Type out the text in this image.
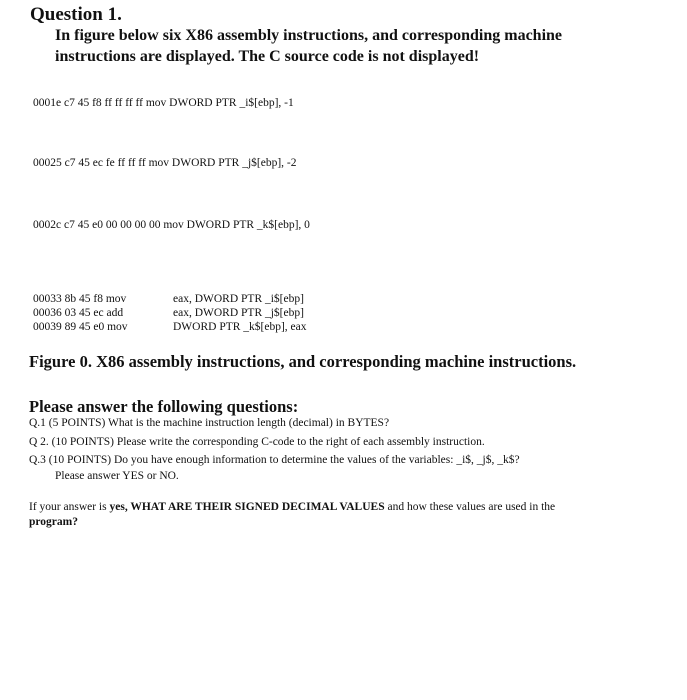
Question 1.
In figure below six X86 assembly instructions, and corresponding machine
instructions are displayed. The C source code is not displayed!
0001e c7 45 f8 ff ff ff ff mov DWORD PTR _i$[ebp], -1
00025 c7 45 ec fe ff ff ff mov DWORD PTR _j$[ebp], -2
0002c c7 45 e0 00 00 00 00 mov DWORD PTR _k$[ebp], 0
00033 8b 45 f8 mov	eax, DWORD PTR _i$[ebp]
00036 03 45 ec add	eax, DWORD PTR _j$[ebp]
00039 89 45 e0 mov	DWORD PTR _k$[ebp], eax
Figure 0. X86 assembly instructions, and corresponding machine instructions.
Please answer the following questions:
Q.1 (5 POINTS) What is the machine instruction length (decimal) in BYTES?
Q 2. (10 POINTS) Please write the corresponding C-code to the right of each assembly instruction.
Q.3 (10 POINTS) Do you have enough information to determine the values of the variables: _i$, _j$, _k$?
Please answer YES or NO.
If your answer is yes, WHAT ARE THEIR SIGNED DECIMAL VALUES and how these values are used in the
program?
